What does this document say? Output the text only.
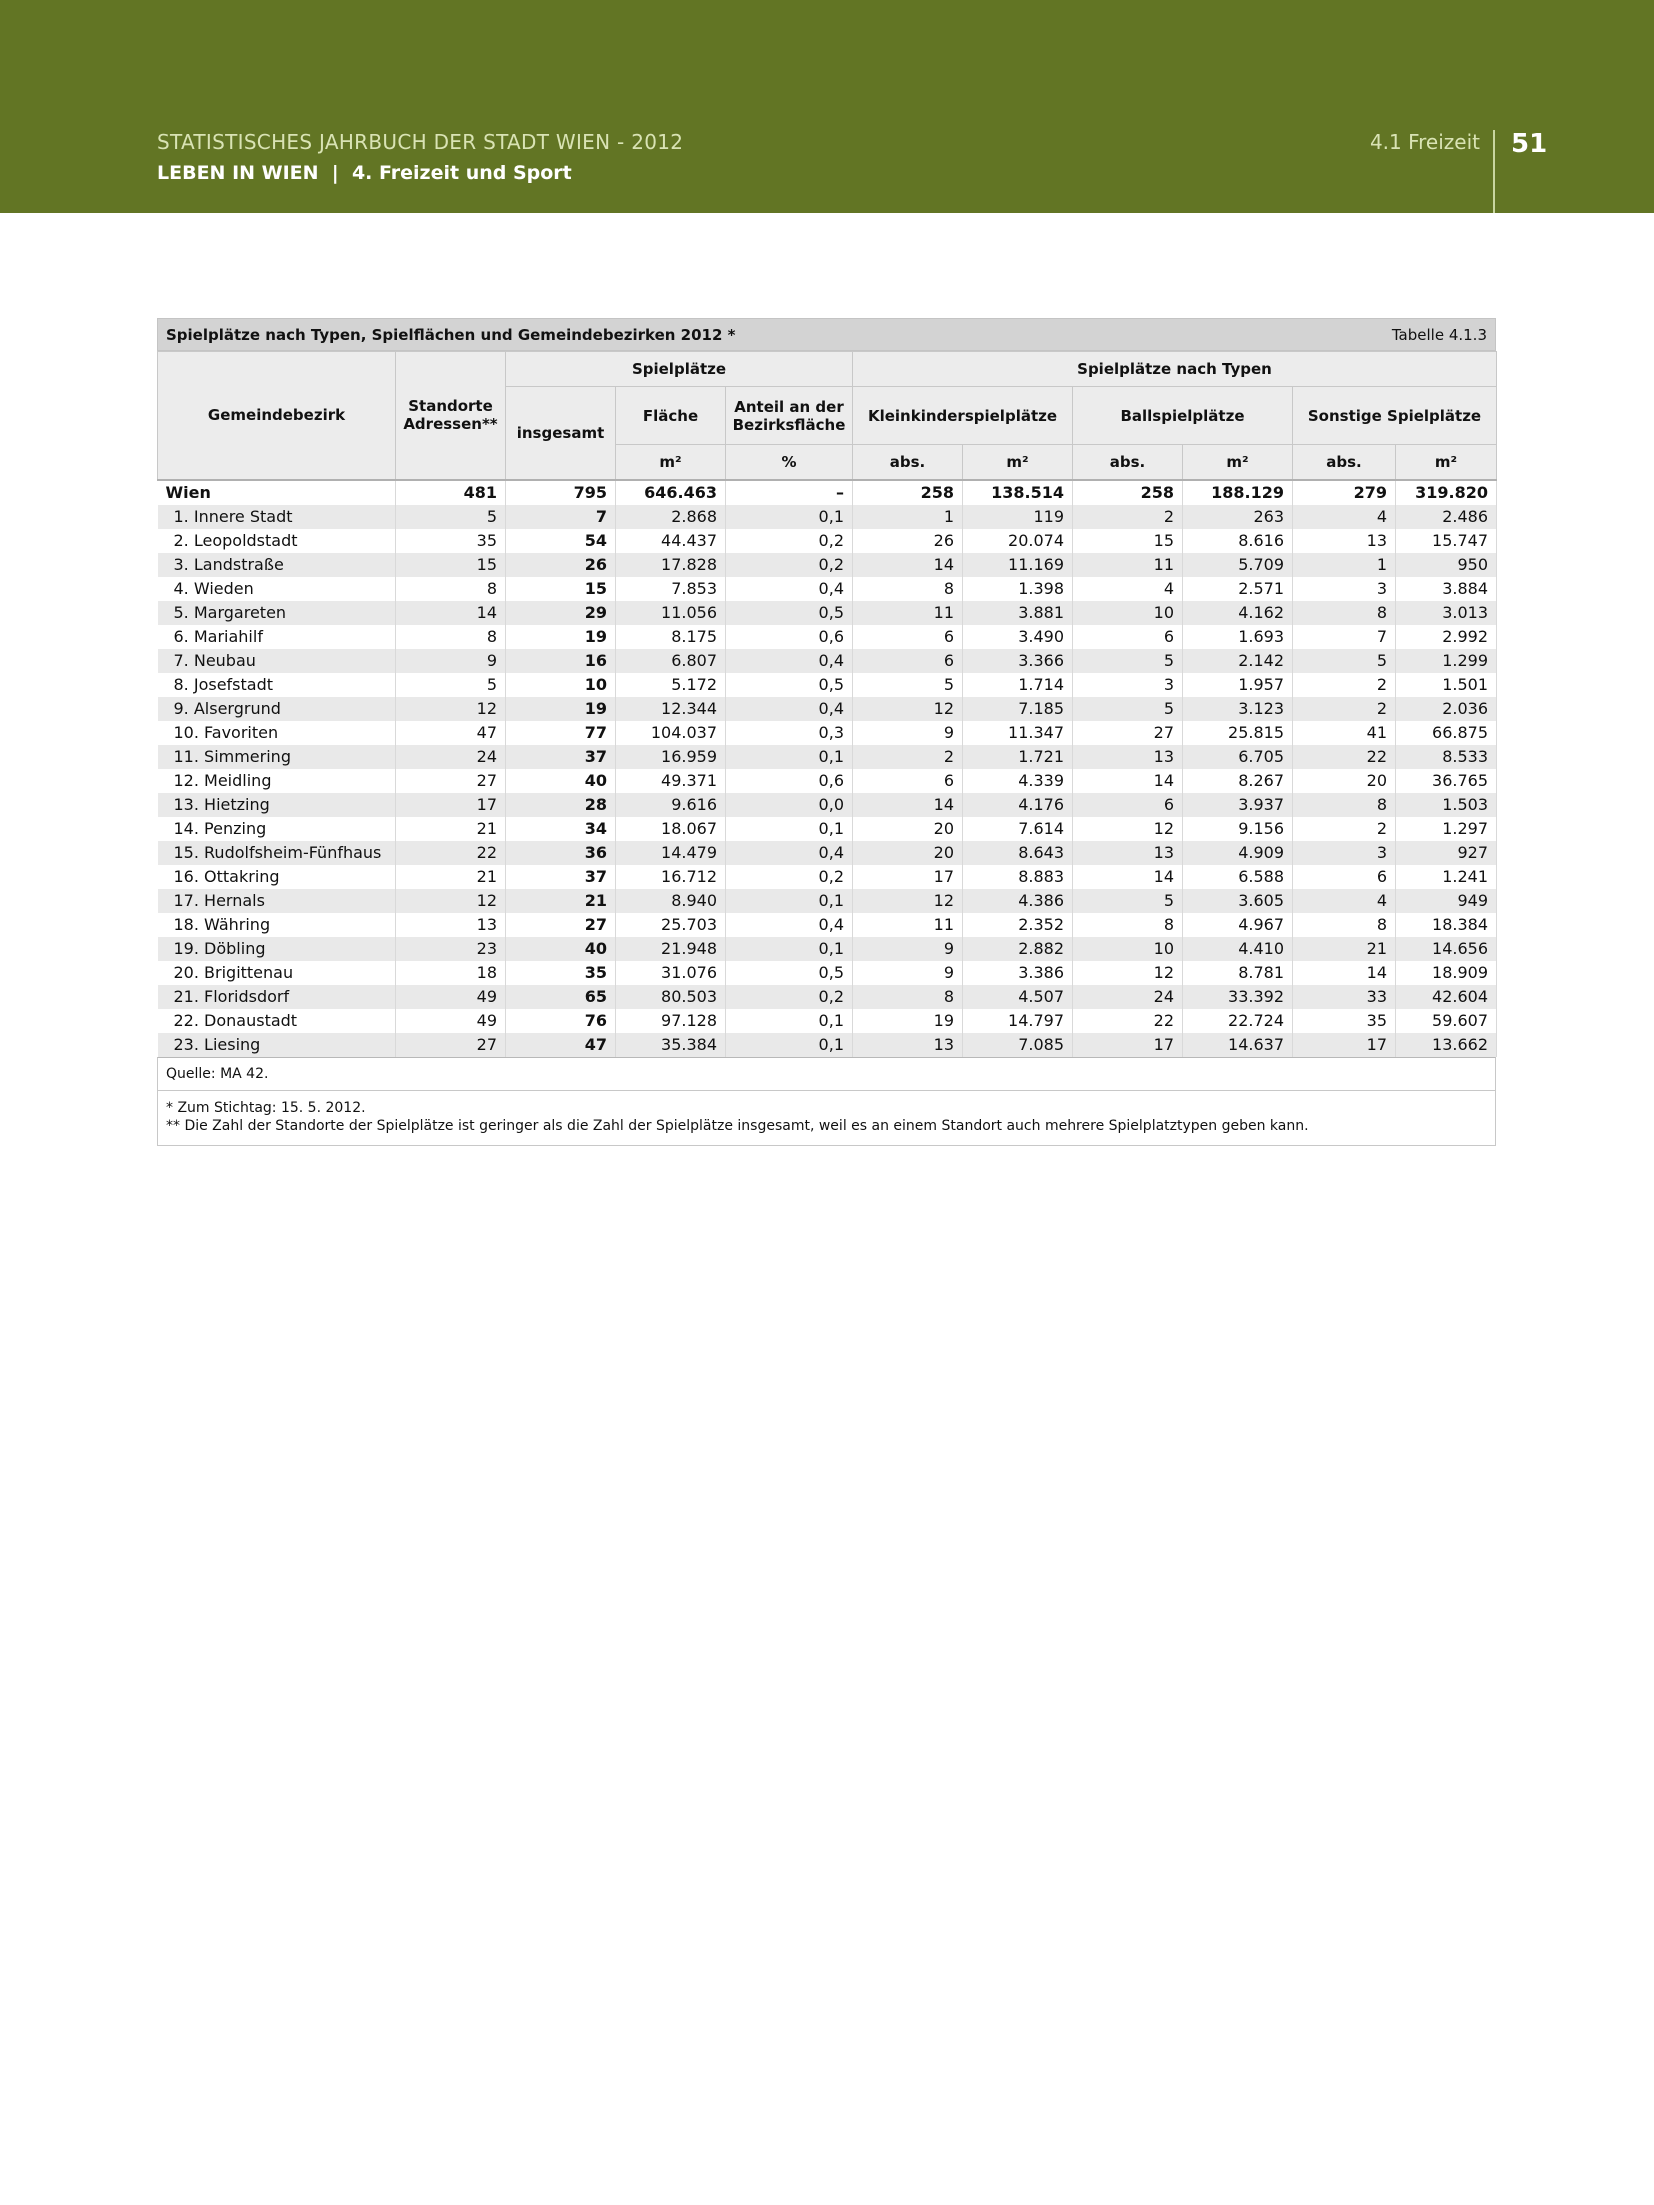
STATISTISCHES JAHRBUCH DER STADT WIEN - 2012
LEBEN IN WIEN  |  4. Freizeit und Sport
4.1 Freizeit 51
Spielplätze nach Typen, Spielflächen und Gemeindebezirken 2012 *	Tabelle 4.1.3
Gemeindebezirk	Standorte Adressen**	Spielplätze			Spielplätze nach Typen					
		insgesamt	Fläche	Anteil an der Bezirksfläche	Kleinkinderspielplätze		Ballspielplätze		Sonstige Spielplätze	
			m²	%	abs.	m²	abs.	m²	abs.	m²
Wien	481	795	646.463	–	258	138.514	258	188.129	279	319.820
1. Innere Stadt	5	7	2.868	0,1	1	119	2	263	4	2.486
2. Leopoldstadt	35	54	44.437	0,2	26	20.074	15	8.616	13	15.747
3. Landstraße	15	26	17.828	0,2	14	11.169	11	5.709	1	950
4. Wieden	8	15	7.853	0,4	8	1.398	4	2.571	3	3.884
5. Margareten	14	29	11.056	0,5	11	3.881	10	4.162	8	3.013
6. Mariahilf	8	19	8.175	0,6	6	3.490	6	1.693	7	2.992
7. Neubau	9	16	6.807	0,4	6	3.366	5	2.142	5	1.299
8. Josefstadt	5	10	5.172	0,5	5	1.714	3	1.957	2	1.501
9. Alsergrund	12	19	12.344	0,4	12	7.185	5	3.123	2	2.036
10. Favoriten	47	77	104.037	0,3	9	11.347	27	25.815	41	66.875
11. Simmering	24	37	16.959	0,1	2	1.721	13	6.705	22	8.533
12. Meidling	27	40	49.371	0,6	6	4.339	14	8.267	20	36.765
13. Hietzing	17	28	9.616	0,0	14	4.176	6	3.937	8	1.503
14. Penzing	21	34	18.067	0,1	20	7.614	12	9.156	2	1.297
15. Rudolfsheim-Fünfhaus	22	36	14.479	0,4	20	8.643	13	4.909	3	927
16. Ottakring	21	37	16.712	0,2	17	8.883	14	6.588	6	1.241
17. Hernals	12	21	8.940	0,1	12	4.386	5	3.605	4	949
18. Währing	13	27	25.703	0,4	11	2.352	8	4.967	8	18.384
19. Döbling	23	40	21.948	0,1	9	2.882	10	4.410	21	14.656
20. Brigittenau	18	35	31.076	0,5	9	3.386	12	8.781	14	18.909
21. Floridsdorf	49	65	80.503	0,2	8	4.507	24	33.392	33	42.604
22. Donaustadt	49	76	97.128	0,1	19	14.797	22	22.724	35	59.607
23. Liesing	27	47	35.384	0,1	13	7.085	17	14.637	17	13.662
Quelle: MA 42.
* Zum Stichtag: 15. 5. 2012.
** Die Zahl der Standorte der Spielplätze ist geringer als die Zahl der Spielplätze insgesamt, weil es an einem Standort auch mehrere Spielplatztypen geben kann.
